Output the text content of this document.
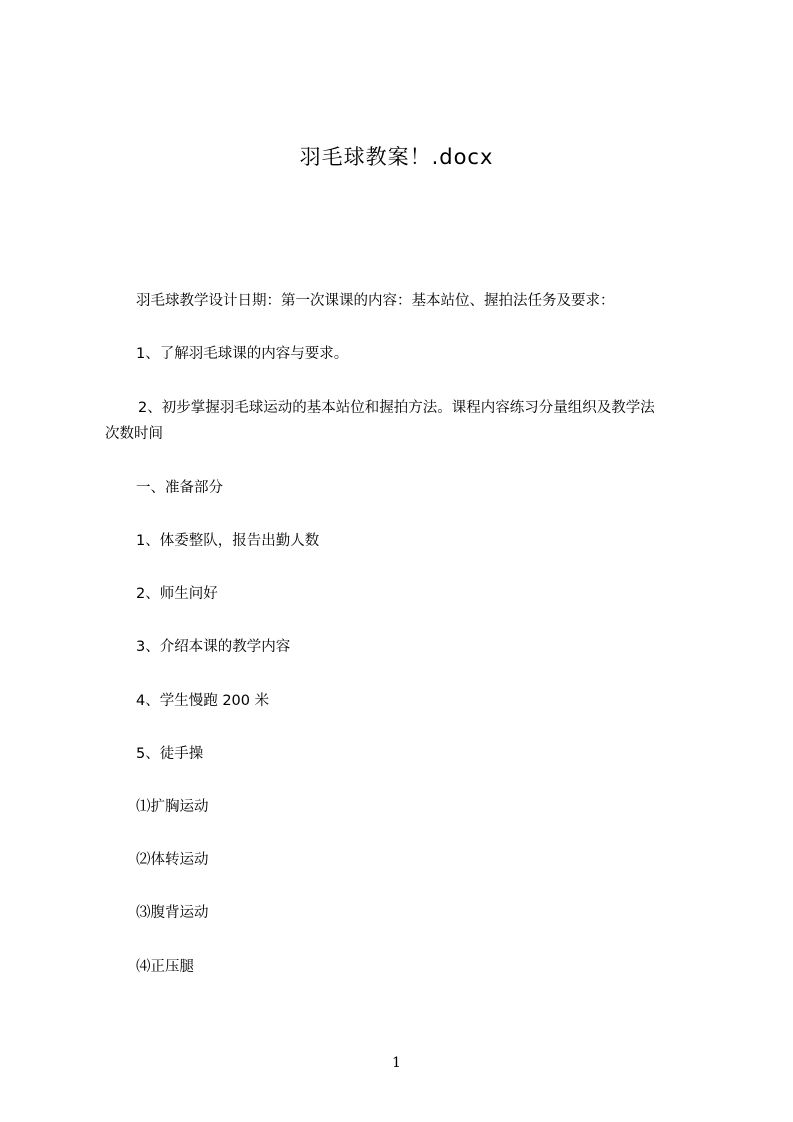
羽毛球教案！.docx
羽毛球教学设计日期：第一次课课的内容：基本站位、握拍法任务及要求：
1、了解羽毛球课的内容与要求。
2、初步掌握羽毛球运动的基本站位和握拍方法。课程内容练习分量组织及教学法
次数时间
一、准备部分
1、体委整队，报告出勤人数
2、师生问好
3、介绍本课的教学内容
4、学生慢跑 200 米
5、徒手操
⑴扩胸运动
⑵体转运动
⑶腹背运动
⑷正压腿
1
